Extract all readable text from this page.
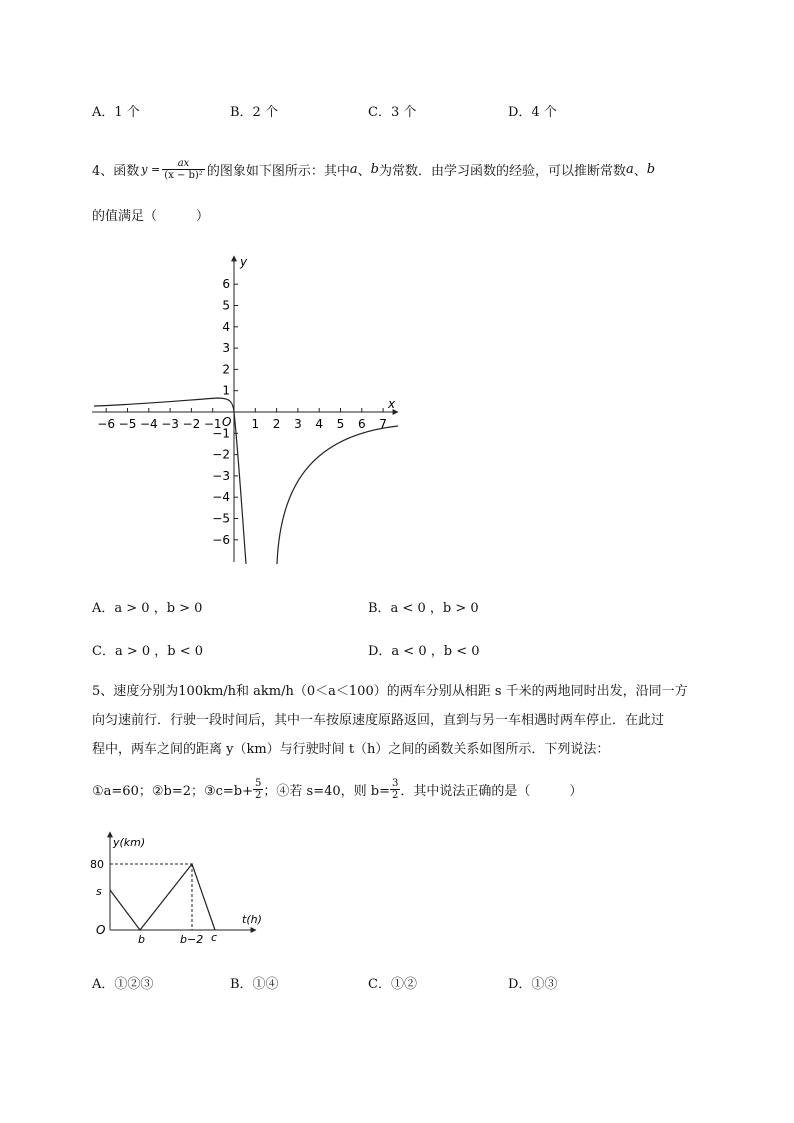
A．1 个	B．2 个	C．3 个	D．4 个
4、函数 $y = \frac{ax}{\text{(x − b)²}}$ 的图象如下图所示：其中 a 、 b 为常数．由学习函数的经验，可以推断常数 a 、 b
的值满足（　　　）
y
x
O
6
5
4
3
2
1
−1
−2
−3
−4
−5
−6
−6 −5 −4 −3 −2 −1 1 2 3 4 5 6 7
A．a > 0 ，b > 0	B．a < 0 ，b > 0
C．a > 0 ，b < 0	D．a < 0 ，b < 0
5、速度分别为100km/h和 akm/h（0＜a＜100）的两车分别从相距 s 千米的两地同时出发，沿同一方
向匀速前行．行驶一段时间后，其中一车按原速度原路返回，直到与另一车相遇时两车停止．在此过
程中，两车之间的距离 y（km）与行驶时间 t（h）之间的函数关系如图所示．下列说法：
①a=60；②b=2；③c=b+ $\frac{5}{2}$ ；④若 s=40，则 $b= \frac{3}{2}$ ．其中说法正确的是（　　　）
y(km)
t(h)
O
80
s
b	b−2 c
A．①②③	B．①④	C．①②	D．①③
